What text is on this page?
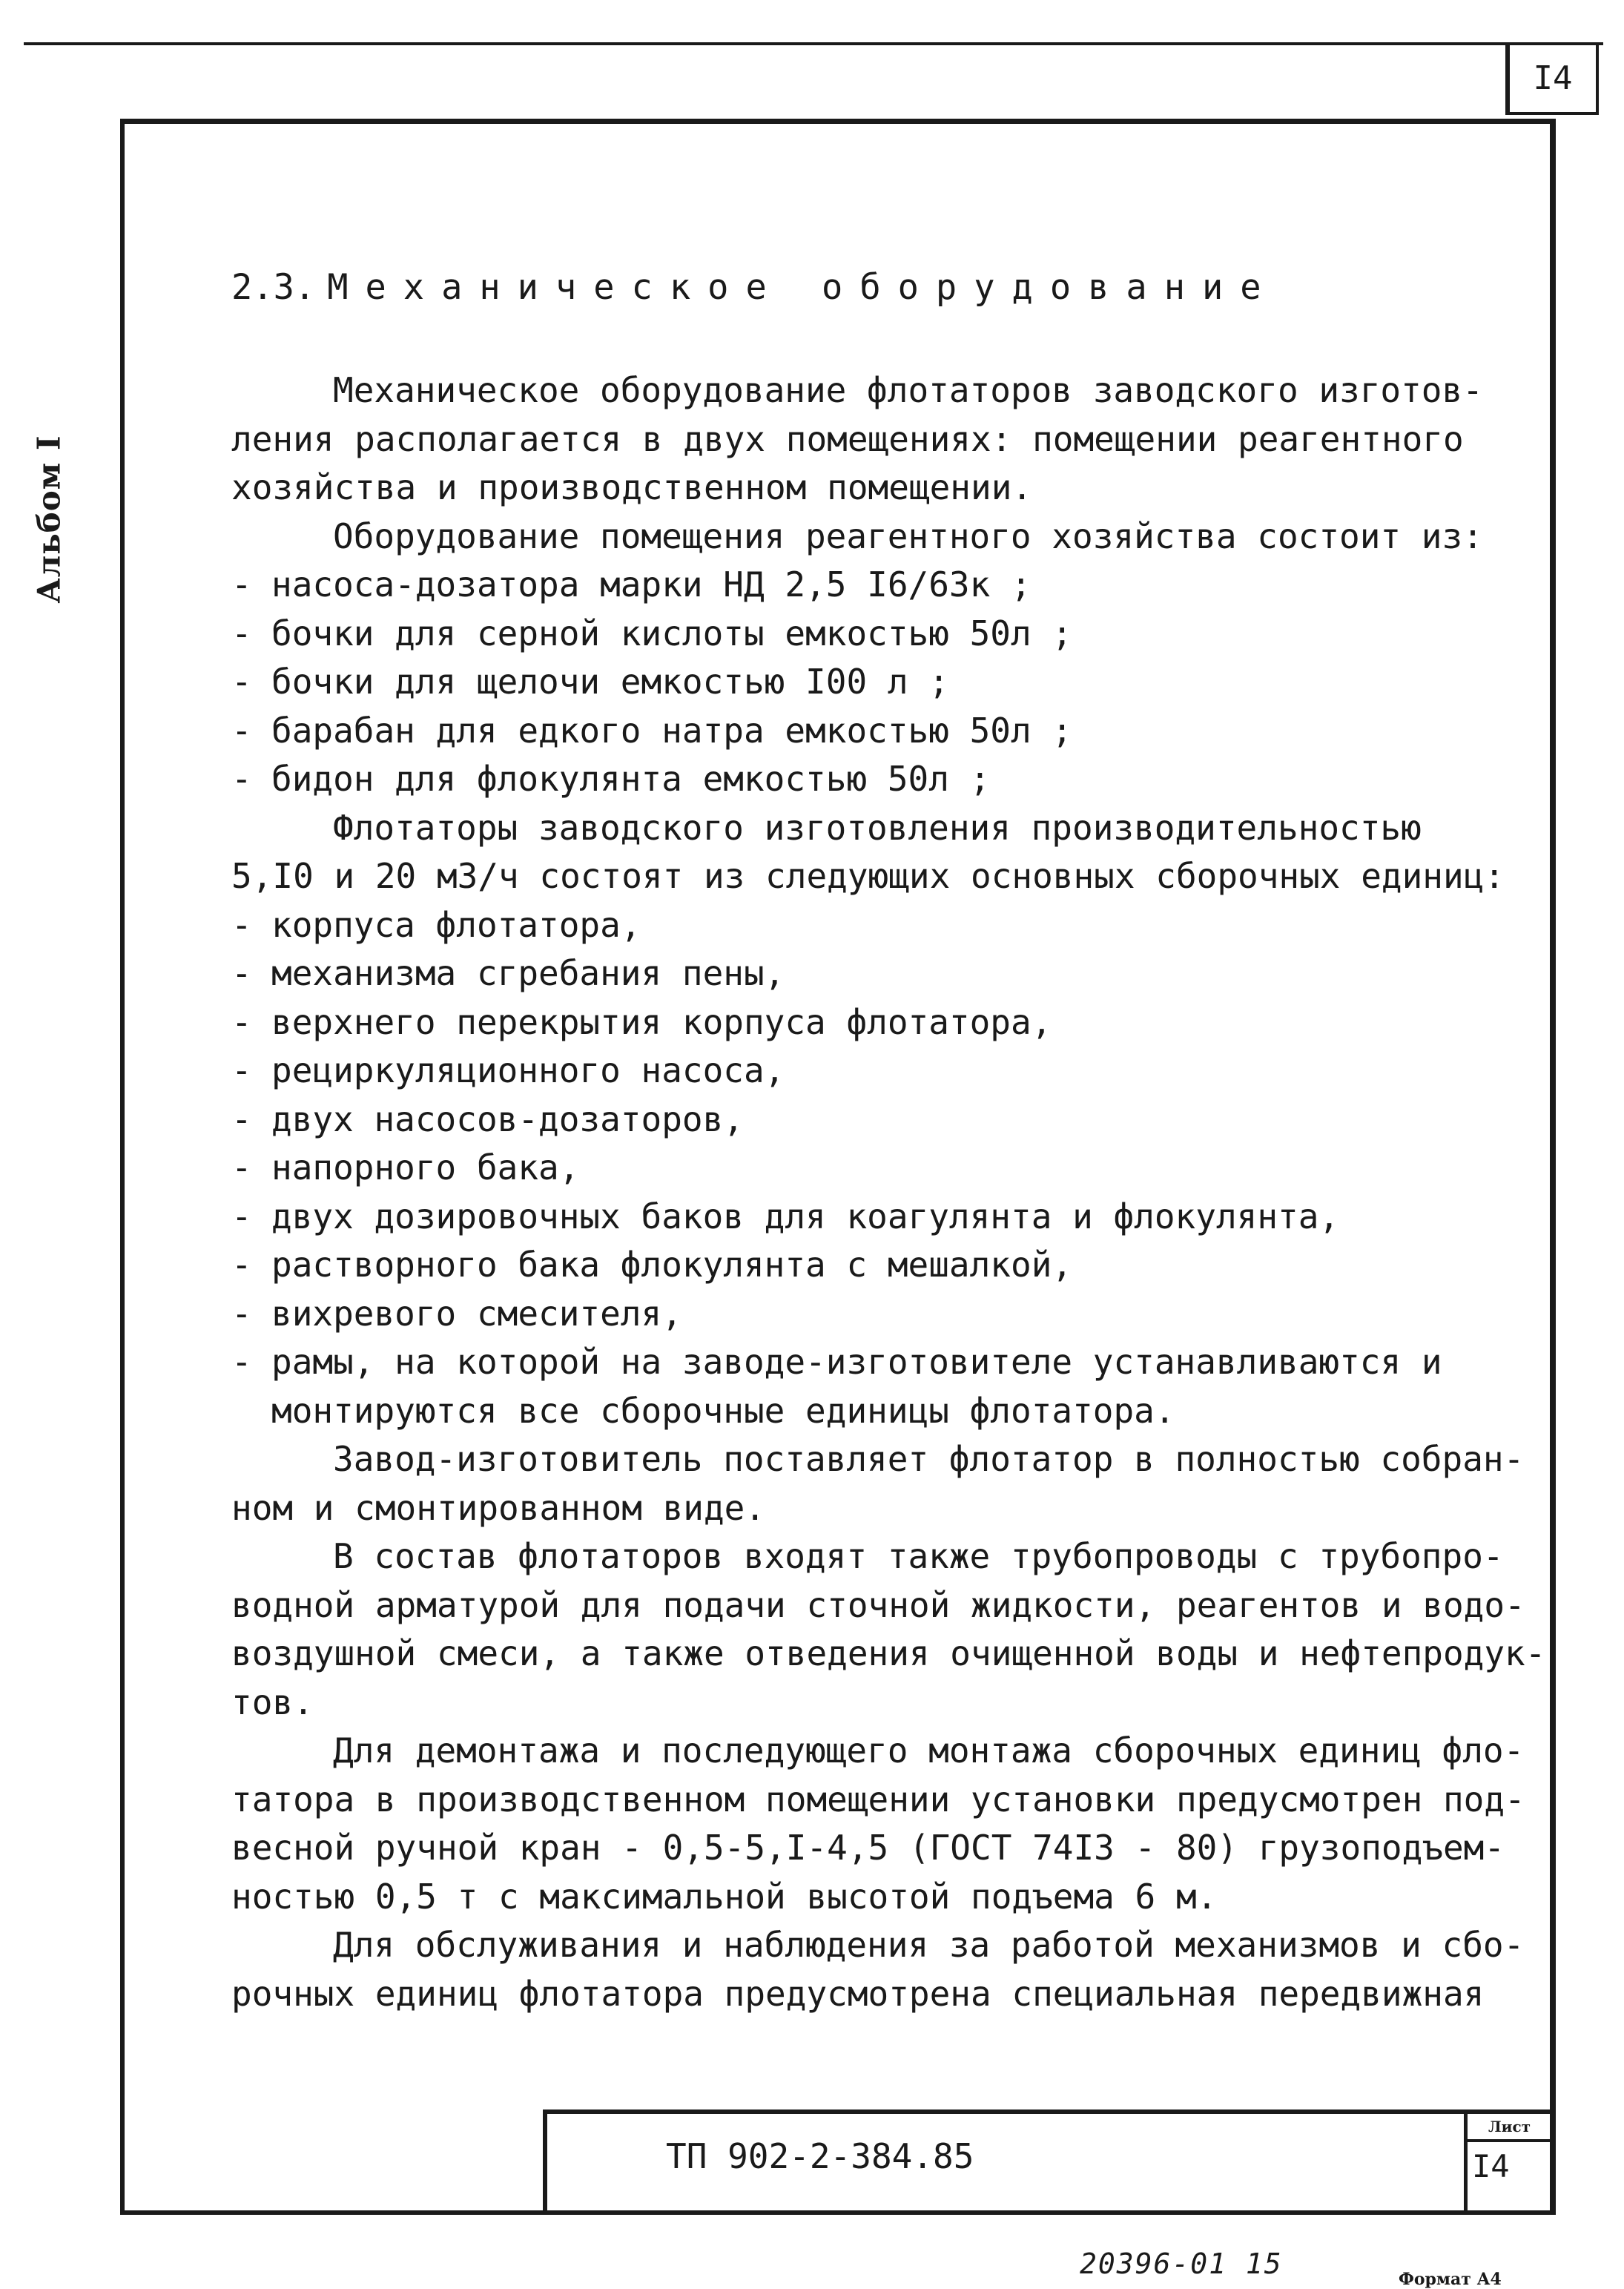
I4
Альбом I
2.3. Механическое оборудование
Механическое оборудование флотаторов заводского изготов-
ления располагается в двух помещениях: помещении реагентного
хозяйства и производственном помещении.
Оборудование помещения реагентного хозяйства состоит из:
- насоса-дозатора марки НД 2,5 I6/63к ;
- бочки для серной кислоты емкостью 50л ;
- бочки для щелочи емкостью I00 л ;
- барабан для едкого натра емкостью 50л ;
- бидон для флокулянта емкостью 50л ;
Флотаторы заводского изготовления производительностью
5,I0 и 20 м3/ч состоят из следующих основных сборочных единиц:
- корпуса флотатора,
- механизма сгребания пены,
- верхнего перекрытия корпуса флотатора,
- рециркуляционного насоса,
- двух насосов-дозаторов,
- напорного бака,
- двух дозировочных баков для коагулянта и флокулянта,
- растворного бака флокулянта с мешалкой,
- вихревого смесителя,
- рамы, на которой на заводе-изготовителе устанавливаются и
монтируются все сборочные единицы флотатора.
Завод-изготовитель поставляет флотатор в полностью собран-
ном и смонтированном виде.
В состав флотаторов входят также трубопроводы с трубопро-
водной арматурой для подачи сточной жидкости, реагентов и водо-
воздушной смеси, а также отведения очищенной воды и нефтепродук-
тов.
Для демонтажа и последующего монтажа сборочных единиц фло-
татора в производственном помещении установки предусмотрен под-
весной ручной кран - 0,5-5,I-4,5 (ГОСТ 74I3 - 80) грузоподъем-
ностью 0,5 т с максимальной высотой подъема 6 м.
Для обслуживания и наблюдения за работой механизмов и сбо-
рочных единиц флотатора предусмотрена специальная передвижная
ТП 902-2-384.85
Лист
I4
20396-01 15	Формат А4
